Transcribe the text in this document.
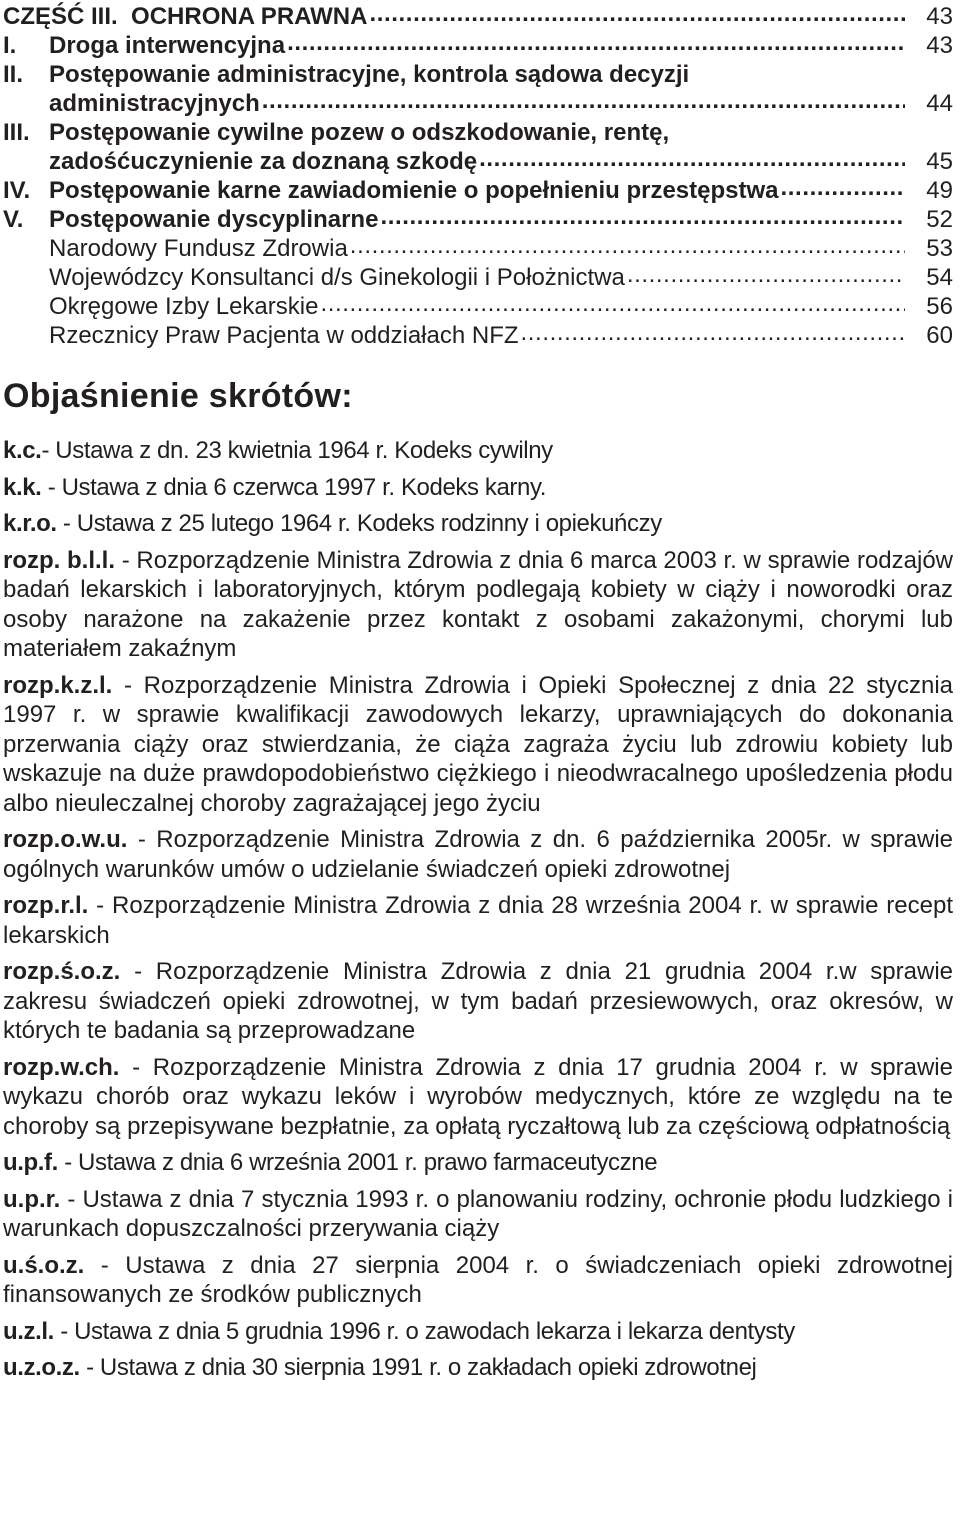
CZĘŚĆ III. OCHRONA PRAWNA .....	43
I.	Droga interwencyjna .....	43
II.	Postępowanie administracyjne, kontrola sądowa decyzji
administracyjnych .....	44
III. Postępowanie cywilne pozew o odszkodowanie, rentę,
zadośćuczynienie za doznaną szkodę .....	45
IV. Postępowanie karne zawiadomienie o popełnieniu przestępstwa .....	49
V.	Postępowanie dyscyplinarne .....	52
Narodowy Fundusz Zdrowia .....	53
Wojewódzcy Konsultanci d/s Ginekologii i Położnictwa .....	54
Okręgowe Izby Lekarskie .....	56
Rzecznicy Praw Pacjenta w oddziałach NFZ .....	60
Objaśnienie skrótów:

k.c.- Ustawa z dn. 23 kwietnia 1964 r. Kodeks cywilny

k.k. - Ustawa z dnia 6 czerwca 1997 r. Kodeks karny.

k.r.o. - Ustawa z 25 lutego 1964 r. Kodeks rodzinny i opiekuńczy

rozp. b.l.l. - Rozporządzenie Ministra Zdrowia z dnia 6 marca 2003 r. w sprawie rodzajów badań lekarskich i laboratoryjnych, którym podlegają kobiety w ciąży i noworodki oraz osoby narażone na zakażenie przez kontakt z osobami zakażonymi, chorymi lub materiałem zakaźnym

rozp.k.z.l. - Rozporządzenie Ministra Zdrowia i Opieki Społecznej z dnia 22 stycznia 1997 r. w sprawie kwalifikacji zawodowych lekarzy, uprawniających do dokonania przerwania ciąży oraz stwierdzania, że ciąża zagraża życiu lub zdrowiu kobiety lub wskazuje na duże prawdopodobieństwo ciężkiego i nieodwracalnego upośledzenia płodu albo nieuleczalnej choroby zagrażającej jego życiu

rozp.o.w.u. - Rozporządzenie Ministra Zdrowia z dn. 6 października 2005r. w sprawie ogólnych warunków umów o udzielanie świadczeń opieki zdrowotnej

rozp.r.l. - Rozporządzenie Ministra Zdrowia z dnia 28 września 2004 r. w sprawie recept lekarskich

rozp.ś.o.z. - Rozporządzenie Ministra Zdrowia z dnia 21 grudnia 2004 r.w sprawie zakresu świadczeń opieki zdrowotnej, w tym badań przesiewowych, oraz okresów, w których te badania są przeprowadzane

rozp.w.ch. - Rozporządzenie Ministra Zdrowia z dnia 17 grudnia 2004 r. w sprawie wykazu chorób oraz wykazu leków i wyrobów medycznych, które ze względu na te choroby są przepisywane bezpłatnie, za opłatą ryczałtową lub za częściową odpłatnością

u.p.f. - Ustawa z dnia 6 września 2001 r. prawo farmaceutyczne

u.p.r. - Ustawa z dnia 7 stycznia 1993 r. o planowaniu rodziny, ochronie płodu ludzkiego i warunkach dopuszczalności przerywania ciąży

u.ś.o.z. - Ustawa z dnia 27 sierpnia 2004 r. o świadczeniach opieki zdrowotnej finansowanych ze środków publicznych

u.z.l. - Ustawa z dnia 5 grudnia 1996 r. o zawodach lekarza i lekarza dentysty

u.z.o.z. - Ustawa z dnia 30 sierpnia 1991 r. o zakładach opieki zdrowotnej
